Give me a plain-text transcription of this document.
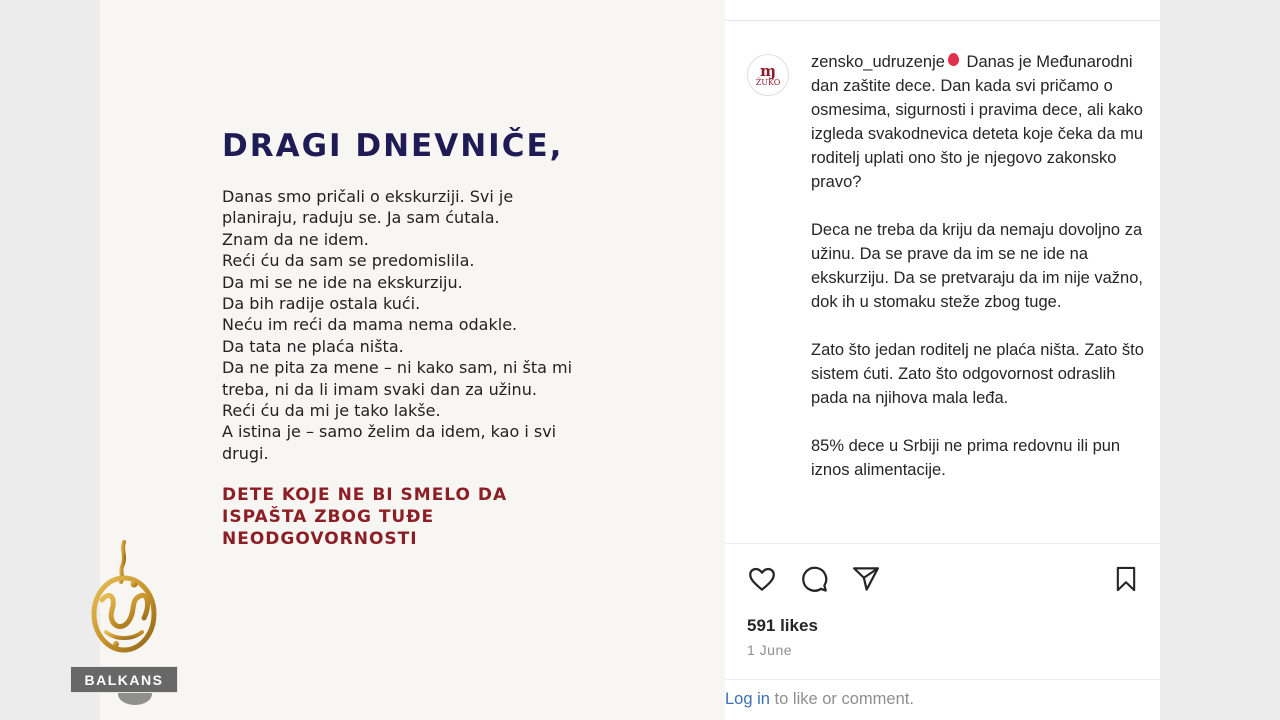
DRAGI DNEVNIČE,
Danas smo pričali o ekskurziji. Svi je
planiraju, raduju se. Ja sam ćutala.
Znam da ne idem.
Reći ću da sam se predomislila.
Da mi se ne ide na ekskurziju.
Da bih radije ostala kući.
Neću im reći da mama nema odakle.
Da tata ne plaća ništa.
Da ne pita za mene – ni kako sam, ni šta mi
treba, ni da li imam svaki dan za užinu.
Reći ću da mi je tako lakše.
A istina je – samo želim da idem, kao i svi
drugi.
DETE KOJE NE BI SMELO DA
ISPAŠTA ZBOG TUĐE
NEODGOVORNOSTI
ɱ
ŽUKO

zensko_udruzenje Danas je Međunarodni dan zaštite dece. Dan kada svi pričamo o osmesima, sigurnosti i pravima dece, ali kako izgleda svakodnevica deteta koje čeka da mu roditelj uplati ono što je njegovo zakonsko pravo?

Deca ne treba da kriju da nemaju dovoljno za užinu. Da se prave da im se ne ide na ekskurziju. Da se pretvaraju da im nije važno, dok ih u stomaku steže zbog tuge.

Zato što jedan roditelj ne plaća ništa. Zato što sistem ćuti. Zato što odgovornost odraslih pada na njihova mala leđa.

85% dece u Srbiji ne prima redovnu ili pun iznos alimentacije.

591 likes
1 June
Log in to like or comment.
BALKANS
